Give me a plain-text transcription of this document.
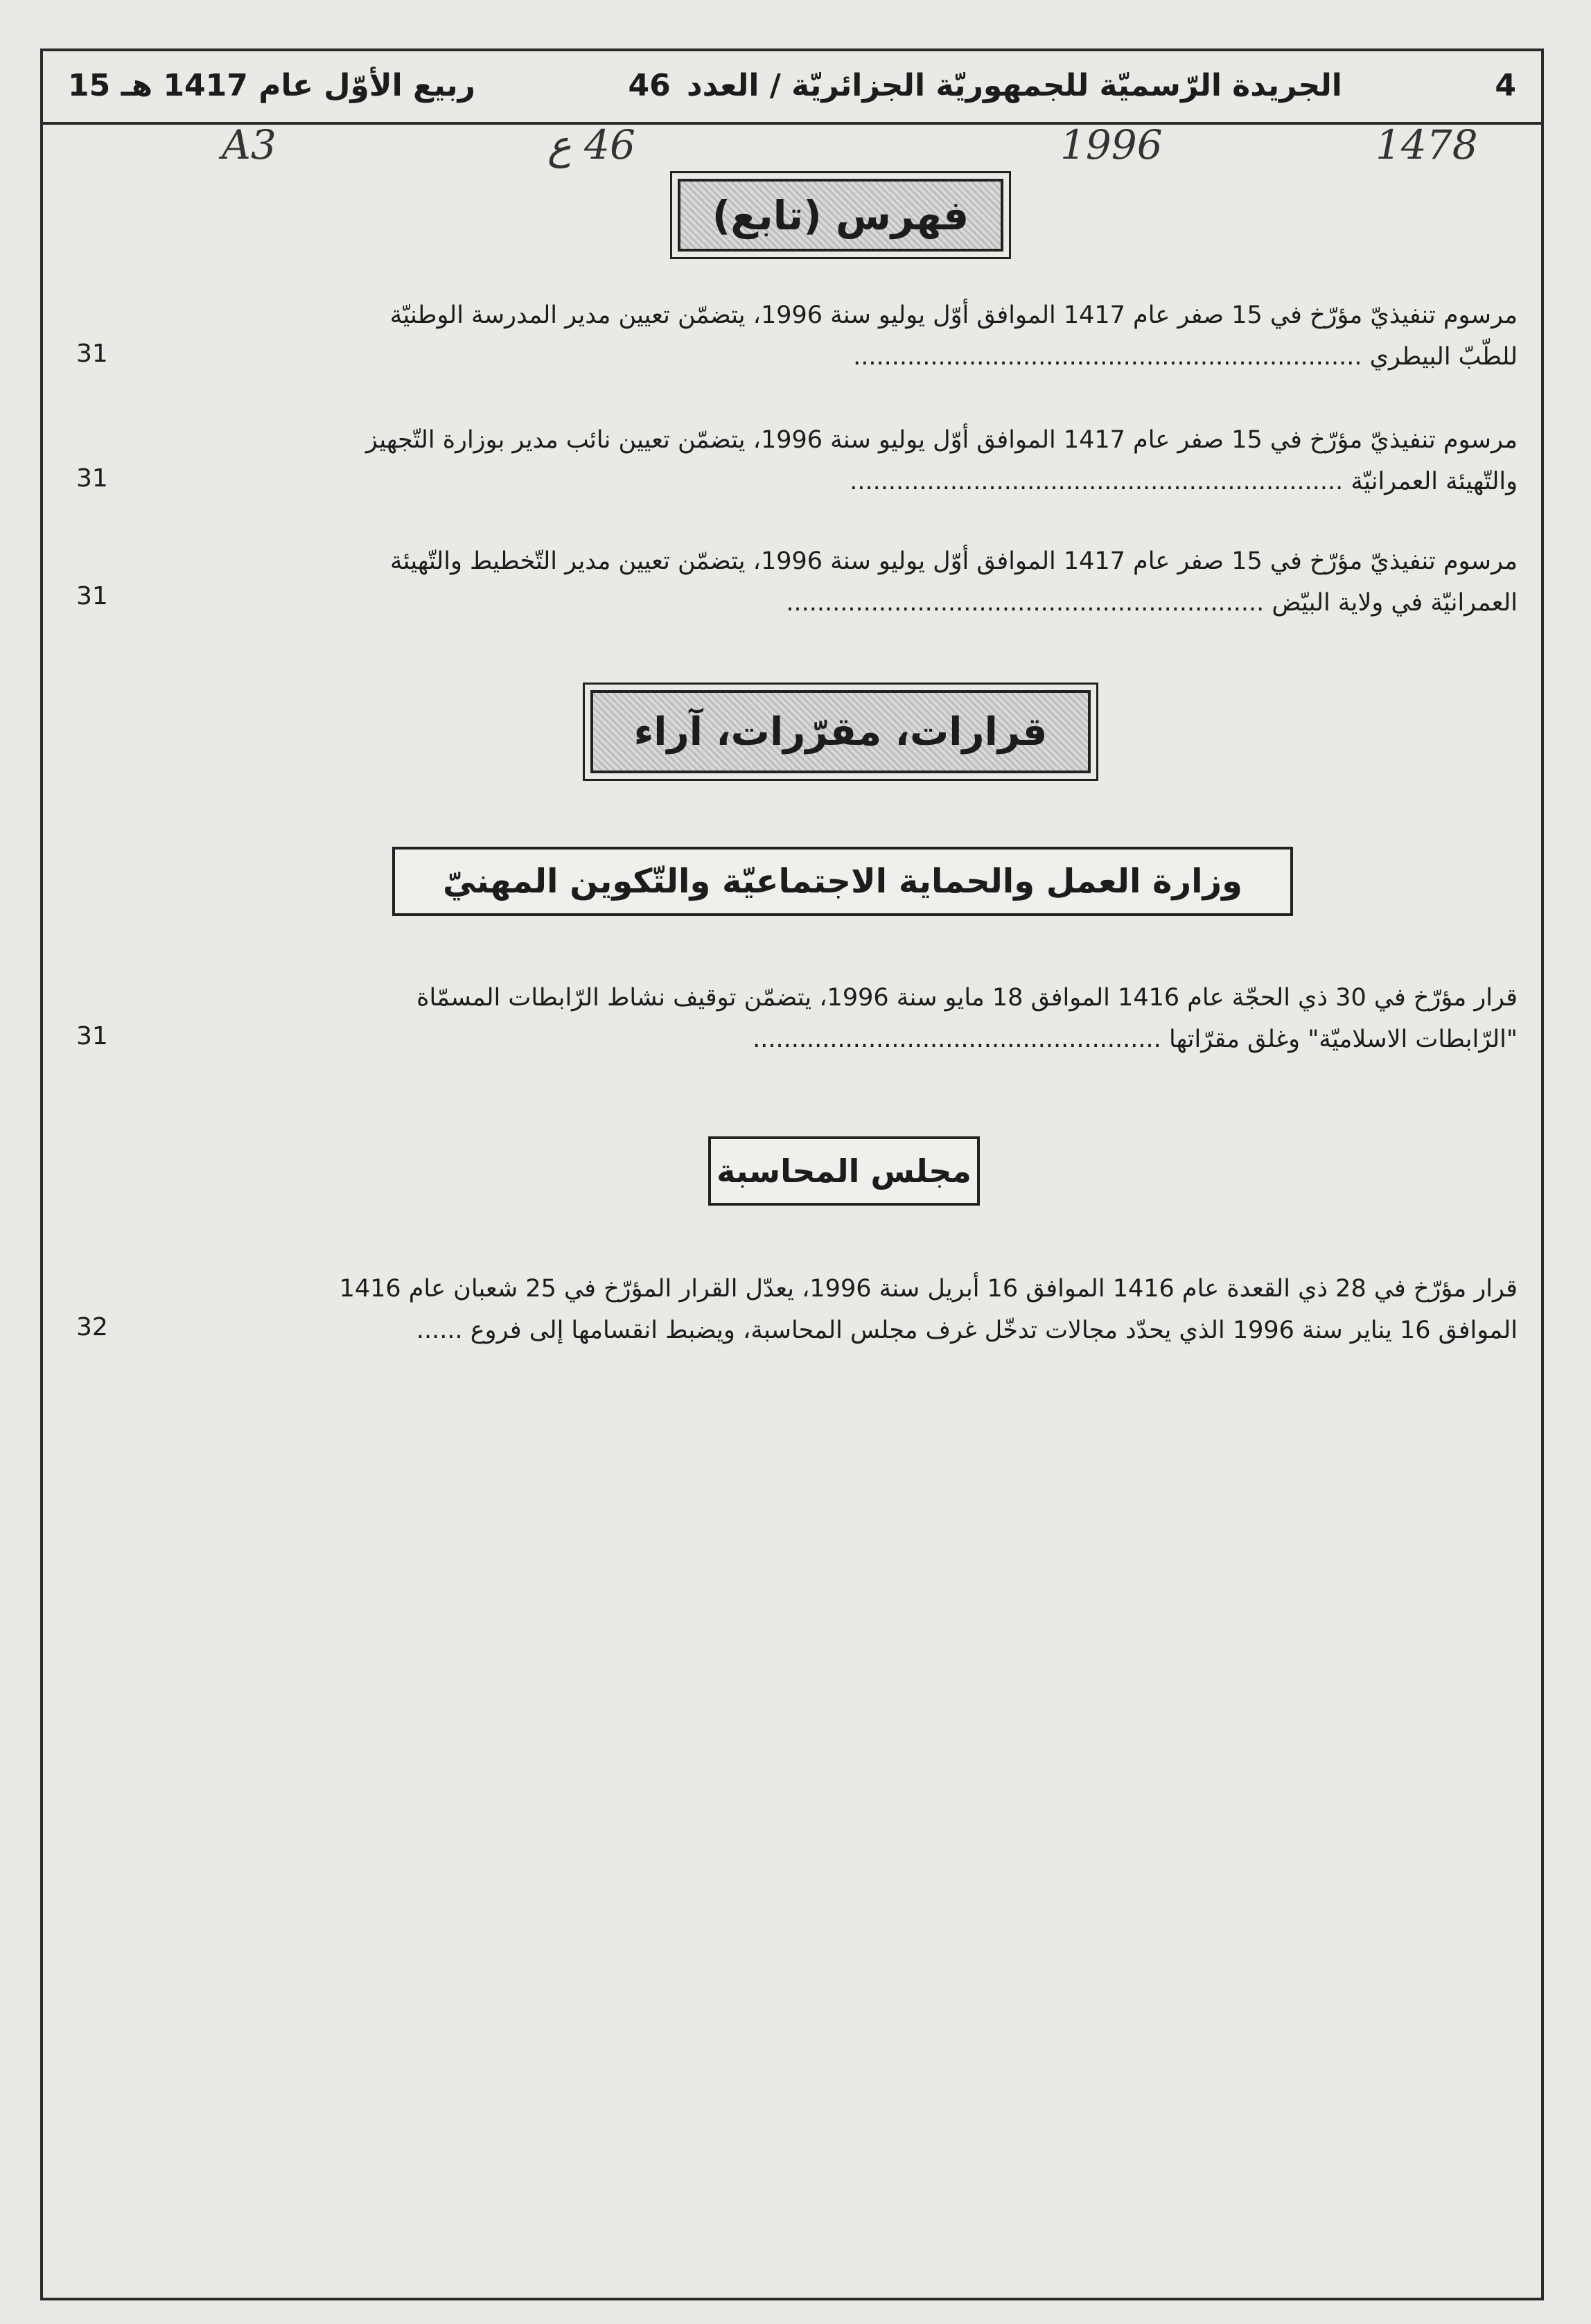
15 ربيع الأوّل عام 1417 هـ	الجريدة الرّسميّة للجمهوريّة الجزائريّة / العدد 46	4
A3	46 ع	1996	1478
فهرس (تابع)
مرسوم تنفيذيّ مؤرّخ في 15 صفر عام 1417 الموافق أوّل يوليو سنة 1996، يتضمّن تعيين مدير المدرسة الوطنيّة
للطّبّ البيطري ..................................................................
31
مرسوم تنفيذيّ مؤرّخ في 15 صفر عام 1417 الموافق أوّل يوليو سنة 1996، يتضمّن تعيين نائب مدير بوزارة التّجهيز
والتّهيئة العمرانيّة ................................................................
31
مرسوم تنفيذيّ مؤرّخ في 15 صفر عام 1417 الموافق أوّل يوليو سنة 1996، يتضمّن تعيين مدير التّخطيط والتّهيئة
العمرانيّة في ولاية البيّض ..............................................................
31
قرارات، مقرّرات، آراء
وزارة العمل والحماية الاجتماعيّة والتّكوين المهنيّ
قرار مؤرّخ في 30 ذي الحجّة عام 1416 الموافق 18 مايو سنة 1996، يتضمّن توقيف نشاط الرّابطات المسمّاة
"الرّابطات الاسلاميّة" وغلق مقرّاتها .....................................................
31
مجلس المحاسبة
قرار مؤرّخ في 28 ذي القعدة عام 1416 الموافق 16 أبريل سنة 1996، يعدّل القرار المؤرّخ في 25 شعبان عام 1416
الموافق 16 يناير سنة 1996 الذي يحدّد مجالات تدخّل غرف مجلس المحاسبة، ويضبط انقسامها إلى فروع ......
32
